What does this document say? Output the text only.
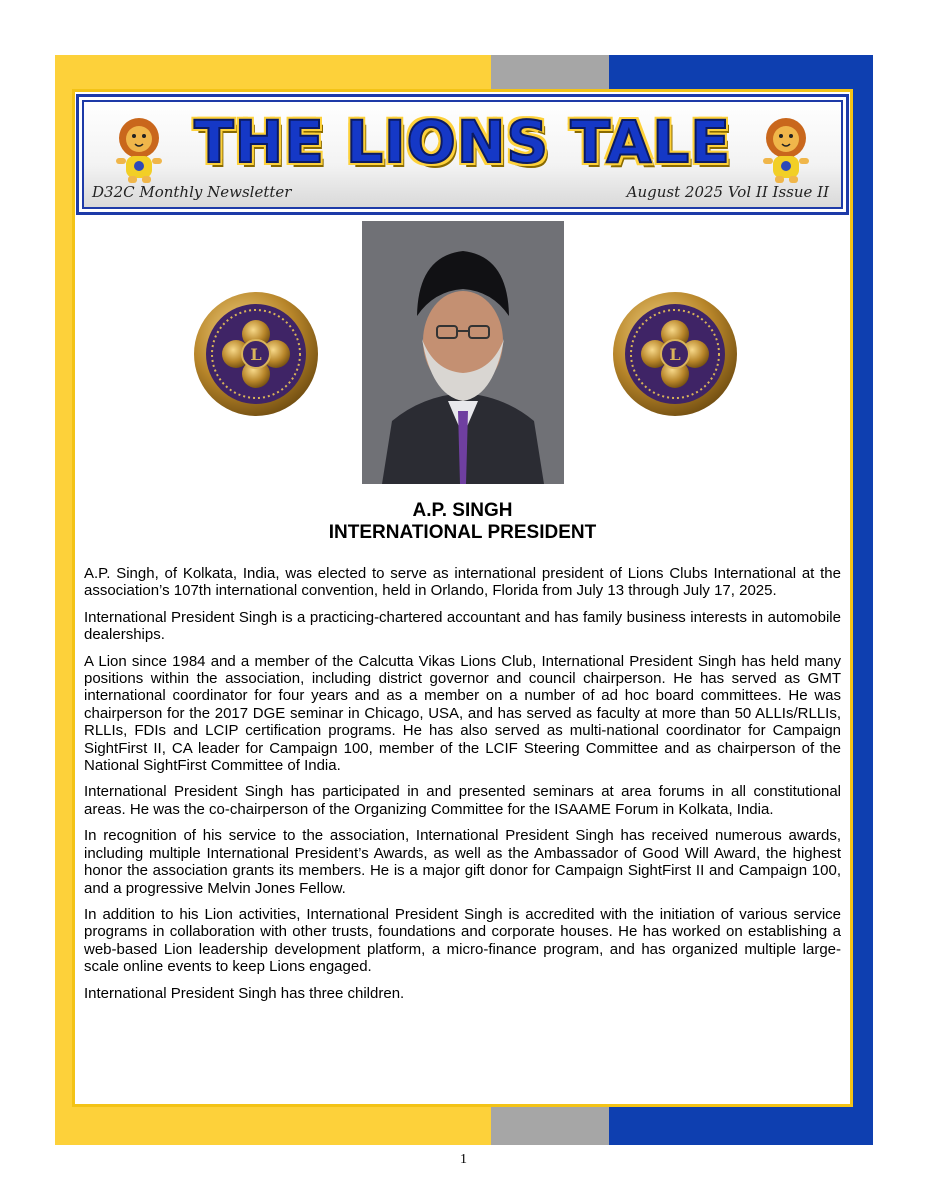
THE LIONS TALE
D32C Monthly Newsletter	August 2025 Vol II Issue II
L	L
A.P. SINGH
INTERNATIONAL PRESIDENT

A.P. Singh, of Kolkata, India, was elected to serve as international president of Lions Clubs International at the association’s 107th international convention, held in Orlando, Florida from July 13 through July 17, 2025.

International President Singh is a practicing-chartered accountant and has family business interests in automobile dealerships.

A Lion since 1984 and a member of the Calcutta Vikas Lions Club, International President Singh has held many positions within the association, including district governor and council chairperson. He has served as GMT international coordinator for four years and as a member on a number of ad hoc board committees. He was chairperson for the 2017 DGE seminar in Chicago, USA, and has served as faculty at more than 50 ALLIs/RLLIs, RLLIs, FDIs and LCIP certification programs. He has also served as multi-national coordinator for Campaign SightFirst II, CA leader for Campaign 100, member of the LCIF Steering Committee and as chairperson of the National SightFirst Committee of India.

International President Singh has participated in and presented seminars at area forums in all constitutional areas. He was the co-chairperson of the Organizing Committee for the ISAAME Forum in Kolkata, India.

In recognition of his service to the association, International President Singh has received numerous awards, including multiple International President’s Awards, as well as the Ambassador of Good Will Award, the highest honor the association grants its members. He is a major gift donor for Campaign SightFirst II and Campaign 100, and a progressive Melvin Jones Fellow.

In addition to his Lion activities, International President Singh is accredited with the initiation of various service programs in collaboration with other trusts, foundations and corporate houses. He has worked on establishing a web-based Lion leadership development platform, a micro-finance program, and has organized multiple large-scale online events to keep Lions engaged.

International President Singh has three children.

1
